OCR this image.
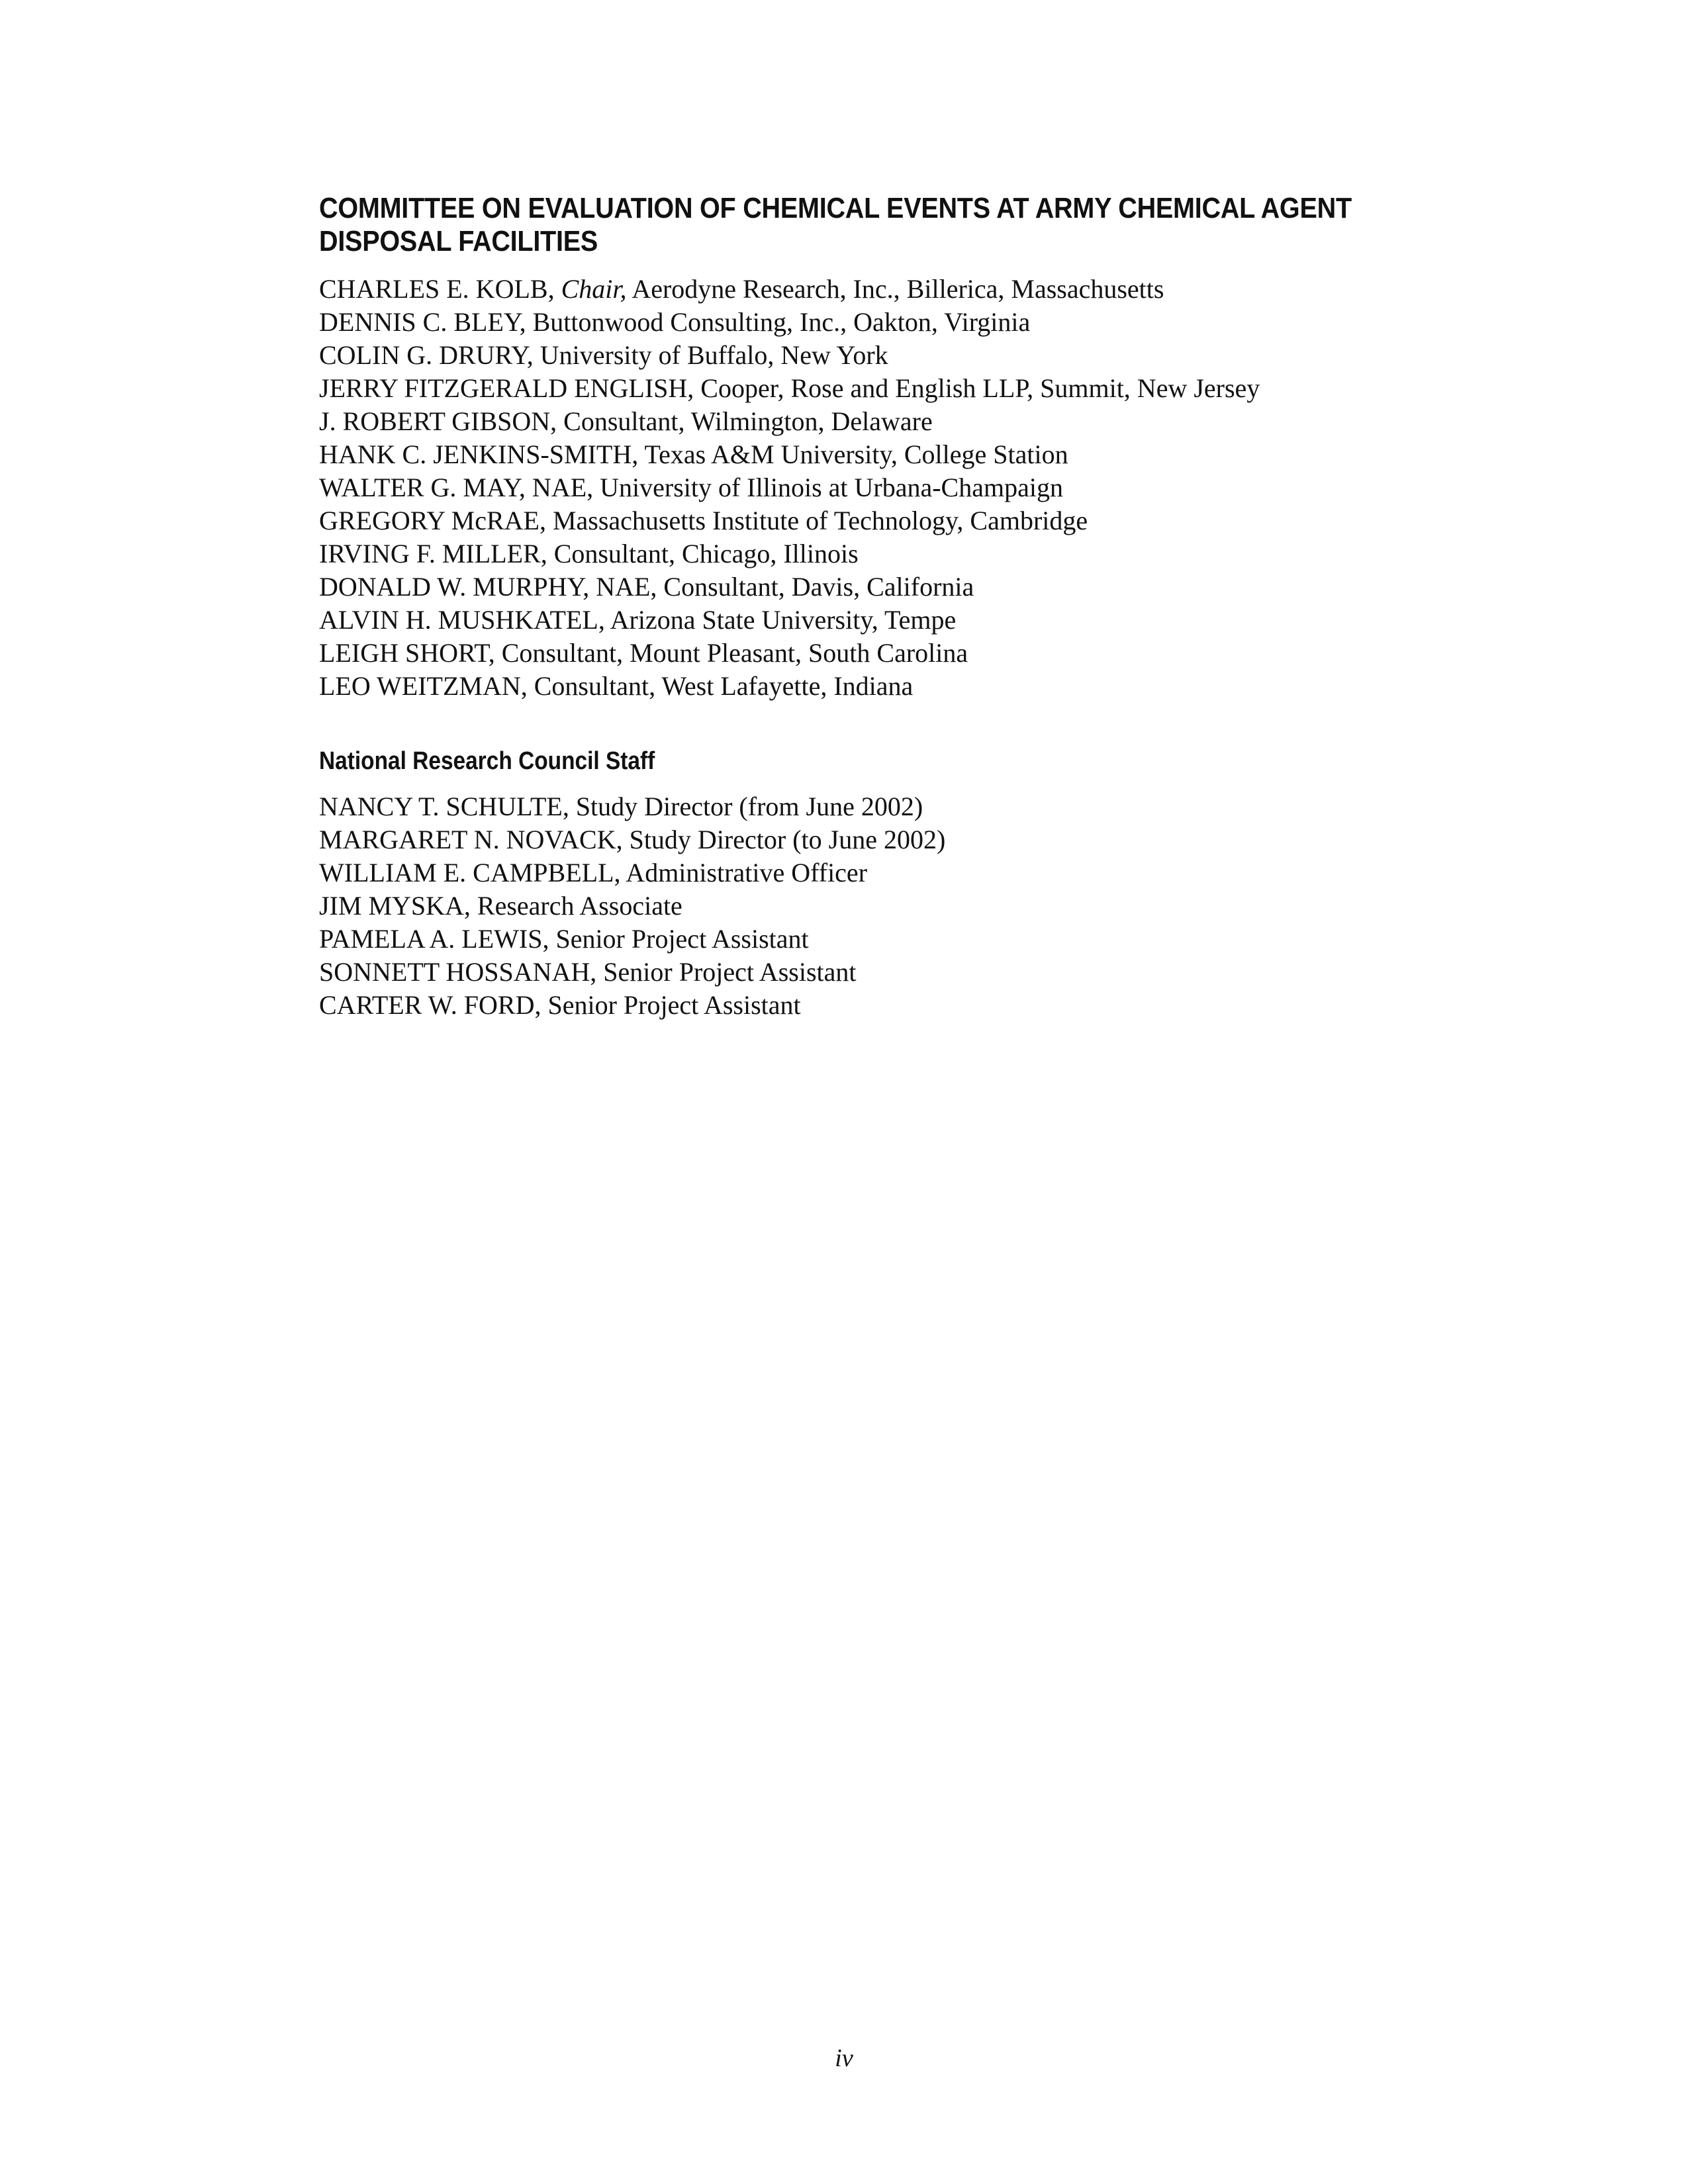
COMMITTEE ON EVALUATION OF CHEMICAL EVENTS AT ARMY CHEMICAL AGENT
DISPOSAL FACILITIES
CHARLES E. KOLB, Chair, Aerodyne Research, Inc., Billerica, Massachusetts
DENNIS C. BLEY, Buttonwood Consulting, Inc., Oakton, Virginia
COLIN G. DRURY, University of Buffalo, New York
JERRY FITZGERALD ENGLISH, Cooper, Rose and English LLP, Summit, New Jersey
J. ROBERT GIBSON, Consultant, Wilmington, Delaware
HANK C. JENKINS-SMITH, Texas A&M University, College Station
WALTER G. MAY, NAE, University of Illinois at Urbana-Champaign
GREGORY McRAE, Massachusetts Institute of Technology, Cambridge
IRVING F. MILLER, Consultant, Chicago, Illinois
DONALD W. MURPHY, NAE, Consultant, Davis, California
ALVIN H. MUSHKATEL, Arizona State University, Tempe
LEIGH SHORT, Consultant, Mount Pleasant, South Carolina
LEO WEITZMAN, Consultant, West Lafayette, Indiana
National Research Council Staff
NANCY T. SCHULTE, Study Director (from June 2002)
MARGARET N. NOVACK, Study Director (to June 2002)
WILLIAM E. CAMPBELL, Administrative Officer
JIM MYSKA, Research Associate
PAMELA A. LEWIS, Senior Project Assistant
SONNETT HOSSANAH, Senior Project Assistant
CARTER W. FORD, Senior Project Assistant
iv
